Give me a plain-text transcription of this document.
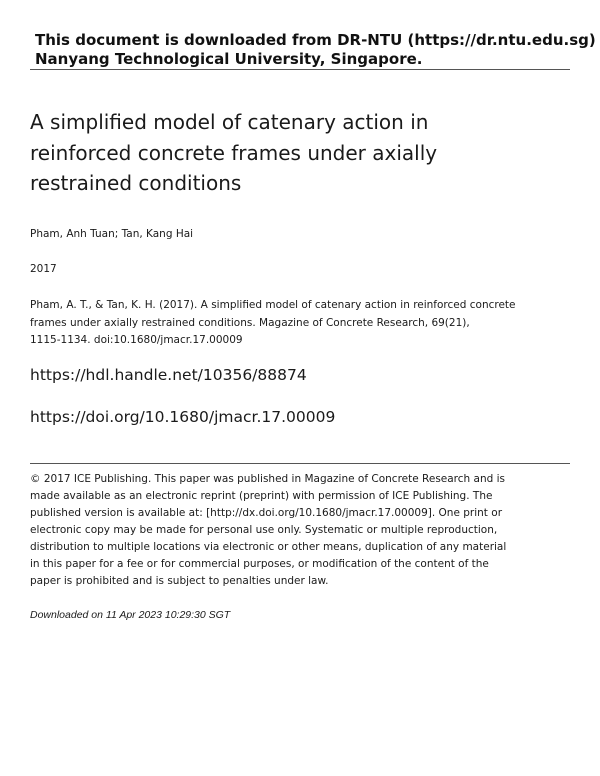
This document is downloaded from DR-NTU (https://dr.ntu.edu.sg)
Nanyang Technological University, Singapore.
A simplified model of catenary action in
reinforced concrete frames under axially
restrained conditions
Pham, Anh Tuan; Tan, Kang Hai
2017
Pham, A. T., & Tan, K. H. (2017). A simplified model of catenary action in reinforced concrete
frames under axially restrained conditions. Magazine of Concrete Research, 69(21),
1115-1134. doi:10.1680/jmacr.17.00009
https://hdl.handle.net/10356/88874
https://doi.org/10.1680/jmacr.17.00009
© 2017 ICE Publishing. This paper was published in Magazine of Concrete Research and is
made available as an electronic reprint (preprint) with permission of ICE Publishing. The
published version is available at: [http://dx.doi.org/10.1680/jmacr.17.00009]. One print or
electronic copy may be made for personal use only. Systematic or multiple reproduction,
distribution to multiple locations via electronic or other means, duplication of any material
in this paper for a fee or for commercial purposes, or modification of the content of the
paper is prohibited and is subject to penalties under law.
Downloaded on 11 Apr 2023 10:29:30 SGT
